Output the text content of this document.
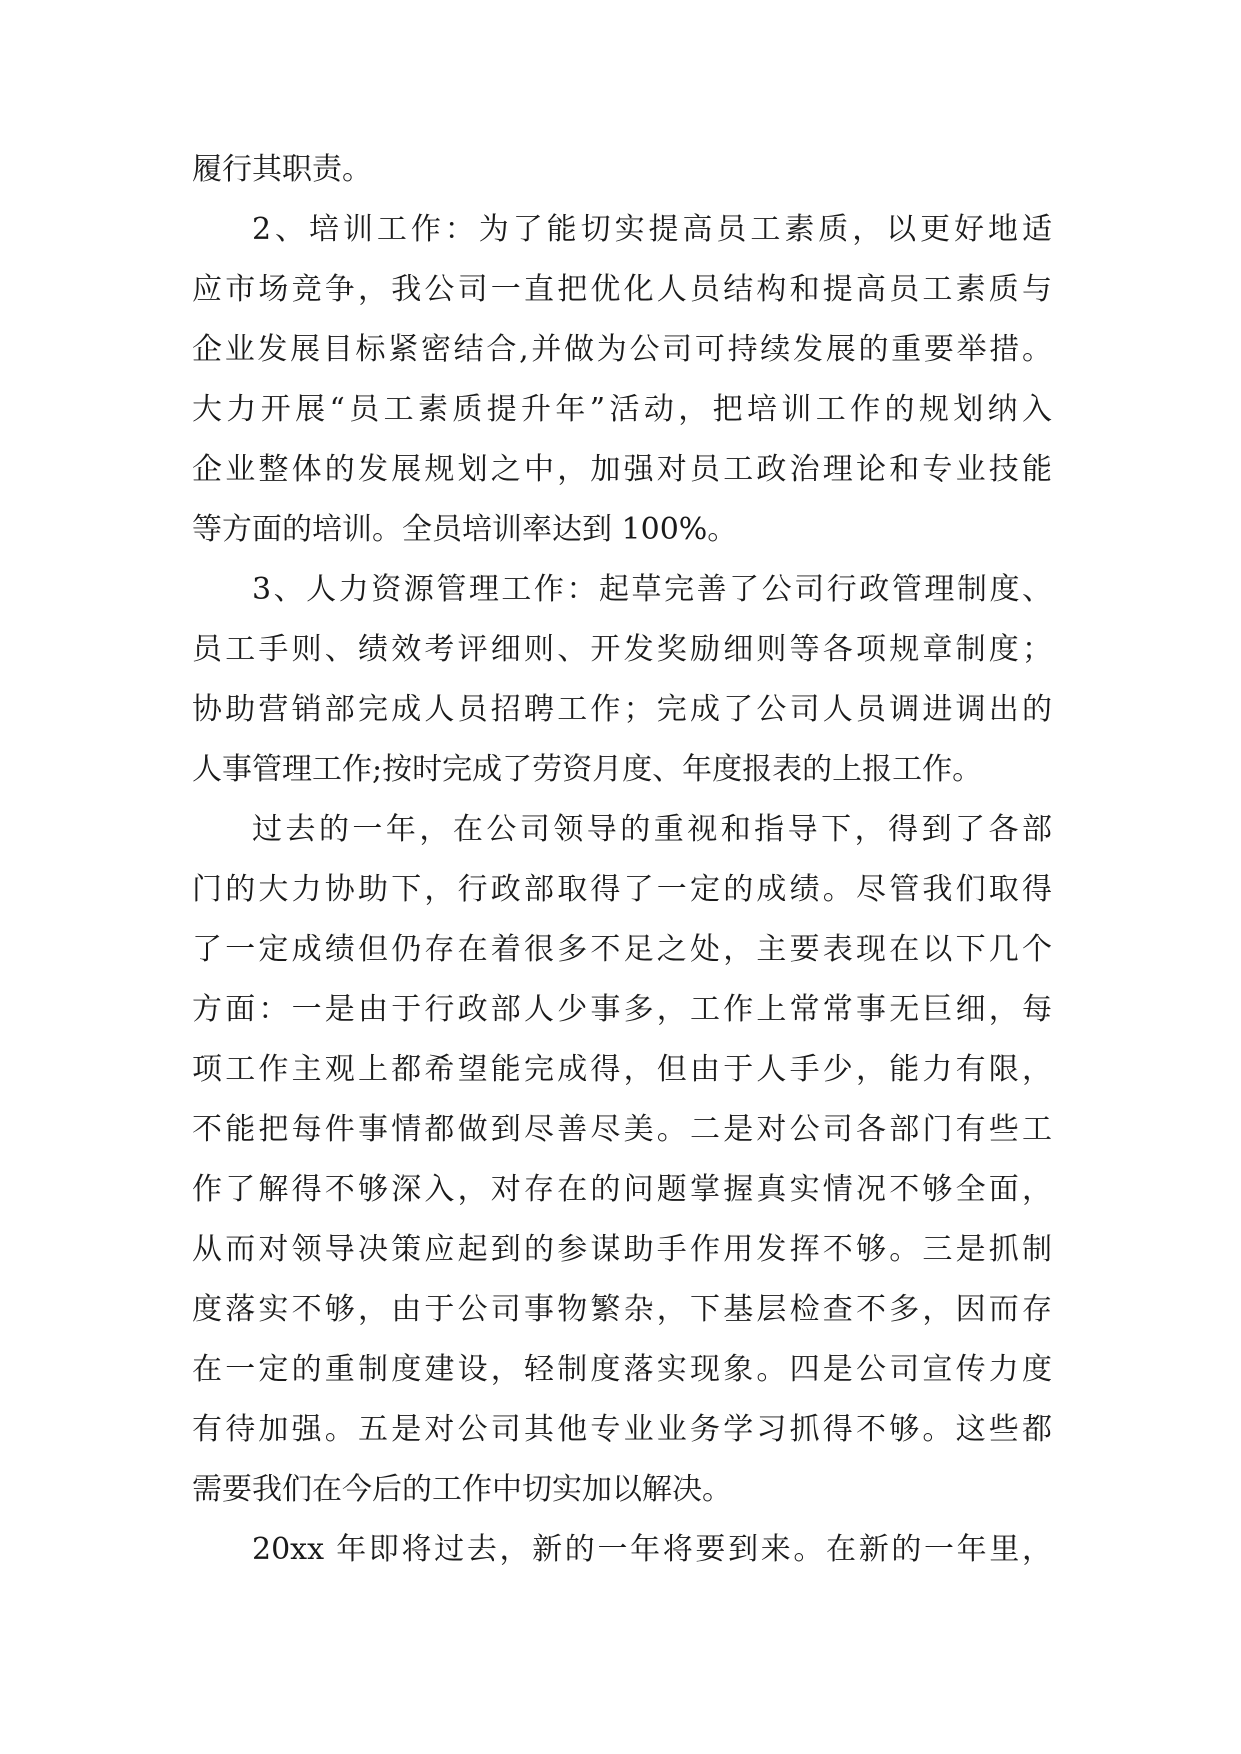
履行其职责。
2、培训工作：为了能切实提高员工素质，以更好地适
应市场竞争，我公司一直把优化人员结构和提高员工素质与
企业发展目标紧密结合,并做为公司可持续发展的重要举措。
大力开展“员工素质提升年”活动，把培训工作的规划纳入
企业整体的发展规划之中，加强对员工政治理论和专业技能
等方面的培训。全员培训率达到 100%。
3、人力资源管理工作：起草完善了公司行政管理制度、
员工手则、绩效考评细则、开发奖励细则等各项规章制度；
协助营销部完成人员招聘工作；完成了公司人员调进调出的
人事管理工作;按时完成了劳资月度、年度报表的上报工作。
过去的一年，在公司领导的重视和指导下，得到了各部
门的大力协助下，行政部取得了一定的成绩。尽管我们取得
了一定成绩但仍存在着很多不足之处，主要表现在以下几个
方面：一是由于行政部人少事多，工作上常常事无巨细，每
项工作主观上都希望能完成得，但由于人手少，能力有限，
不能把每件事情都做到尽善尽美。二是对公司各部门有些工
作了解得不够深入，对存在的问题掌握真实情况不够全面，
从而对领导决策应起到的参谋助手作用发挥不够。三是抓制
度落实不够，由于公司事物繁杂，下基层检查不多，因而存
在一定的重制度建设，轻制度落实现象。四是公司宣传力度
有待加强。五是对公司其他专业业务学习抓得不够。这些都
需要我们在今后的工作中切实加以解决。
20xx 年即将过去，新的一年将要到来。在新的一年里，
